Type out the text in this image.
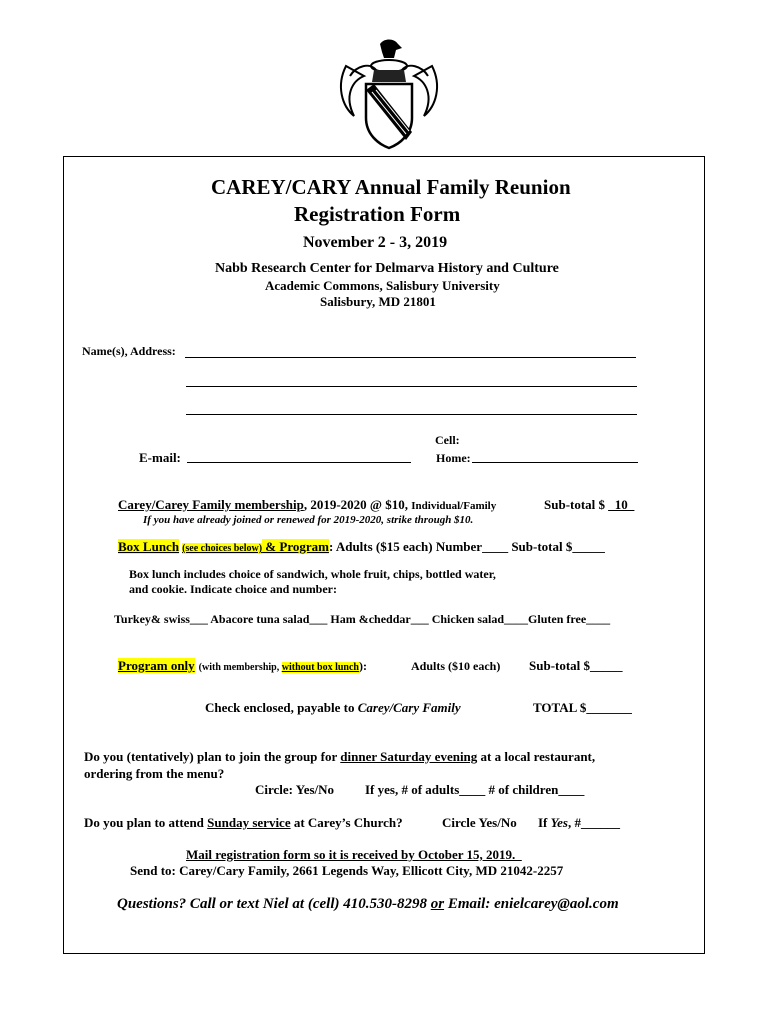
CAREY/CARY Annual Family Reunion
Registration Form
November 2 - 3, 2019
Nabb Research Center for Delmarva History and Culture
Academic Commons, Salisbury University
Salisbury, MD 21801
Name(s), Address:
Cell:
E-mail:	Home:
Carey/Carey Family membership, 2019-2020 @ $10, Individual/Family	Sub-total $ _10_
If you have already joined or renewed for 2019-2020, strike through $10.
Box Lunch (see choices below) & Program: Adults ($15 each) Number____ Sub-total $_____
Box lunch includes choice of sandwich, whole fruit, chips, bottled water,
and cookie. Indicate choice and number:
Turkey& swiss___ Abacore tuna salad___ Ham &cheddar___ Chicken salad____Gluten free____
Program only (with membership, without box lunch):	Adults ($10 each) Sub-total $_____
Check enclosed, payable to Carey/Cary Family	TOTAL $_______
Do you (tentatively) plan to join the group for dinner Saturday evening at a local restaurant,
ordering from the menu?
Circle: Yes/No If yes, # of adults____ # of children____
Do you plan to attend Sunday service at Carey’s Church?	Circle Yes/No If Yes, #______
Mail registration form so it is received by October 15, 2019.
Send to: Carey/Cary Family, 2661 Legends Way, Ellicott City, MD 21042-2257
Questions? Call or text Niel at (cell) 410.530-8298 or Email: enielcarey@aol.com
